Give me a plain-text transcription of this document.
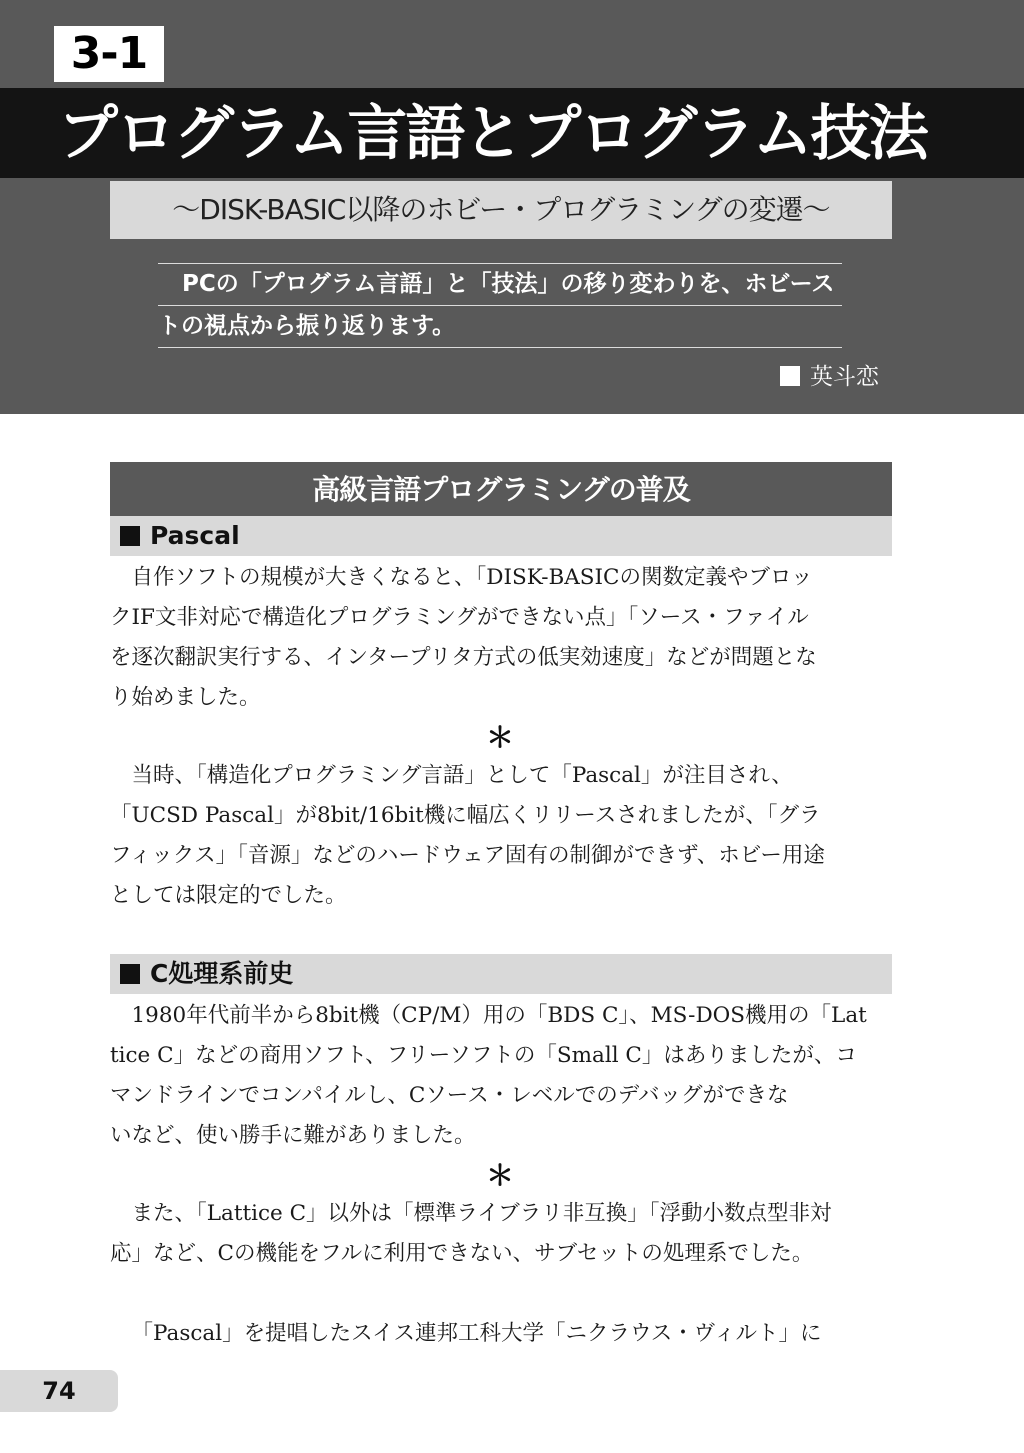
3-1
プログラム言語とプログラム技法
～DISK-BASIC以降のホビー・プログラミングの変遷～
PCの「プログラム言語」と「技法」の移り変わりを、ホビース
トの視点から振り返ります。
英斗恋
高級言語プログラミングの普及
Pascal
自作ソフトの規模が大きくなると、「DISK-BASICの関数定義やブロッ
クIF文非対応で構造化プログラミングができない点」「ソース・ファイル
を逐次翻訳実行する、インタープリタ方式の低実効速度」などが問題とな
り始めました。
＊
当時、「構造化プログラミング言語」として「Pascal」が注目され、
「UCSD Pascal」が8bit/16bit機に幅広くリリースされましたが、「グラ
フィックス」「音源」などのハードウェア固有の制御ができず、ホビー用途
としては限定的でした。
C処理系前史
1980年代前半から8bit機（CP/M）用の「BDS C」、MS-DOS機用の「Lat
tice C」などの商用ソフト、フリーソフトの「Small C」はありましたが、コ
マンドラインでコンパイルし、Cソース・レベルでのデバッグができな
いなど、使い勝手に難がありました。
＊
また、「Lattice C」以外は「標準ライブラリ非互換」「浮動小数点型非対
応」など、Cの機能をフルに利用できない、サブセットの処理系でした。
「Pascal」を提唱したスイス連邦工科大学「ニクラウス・ヴィルト」に
74
